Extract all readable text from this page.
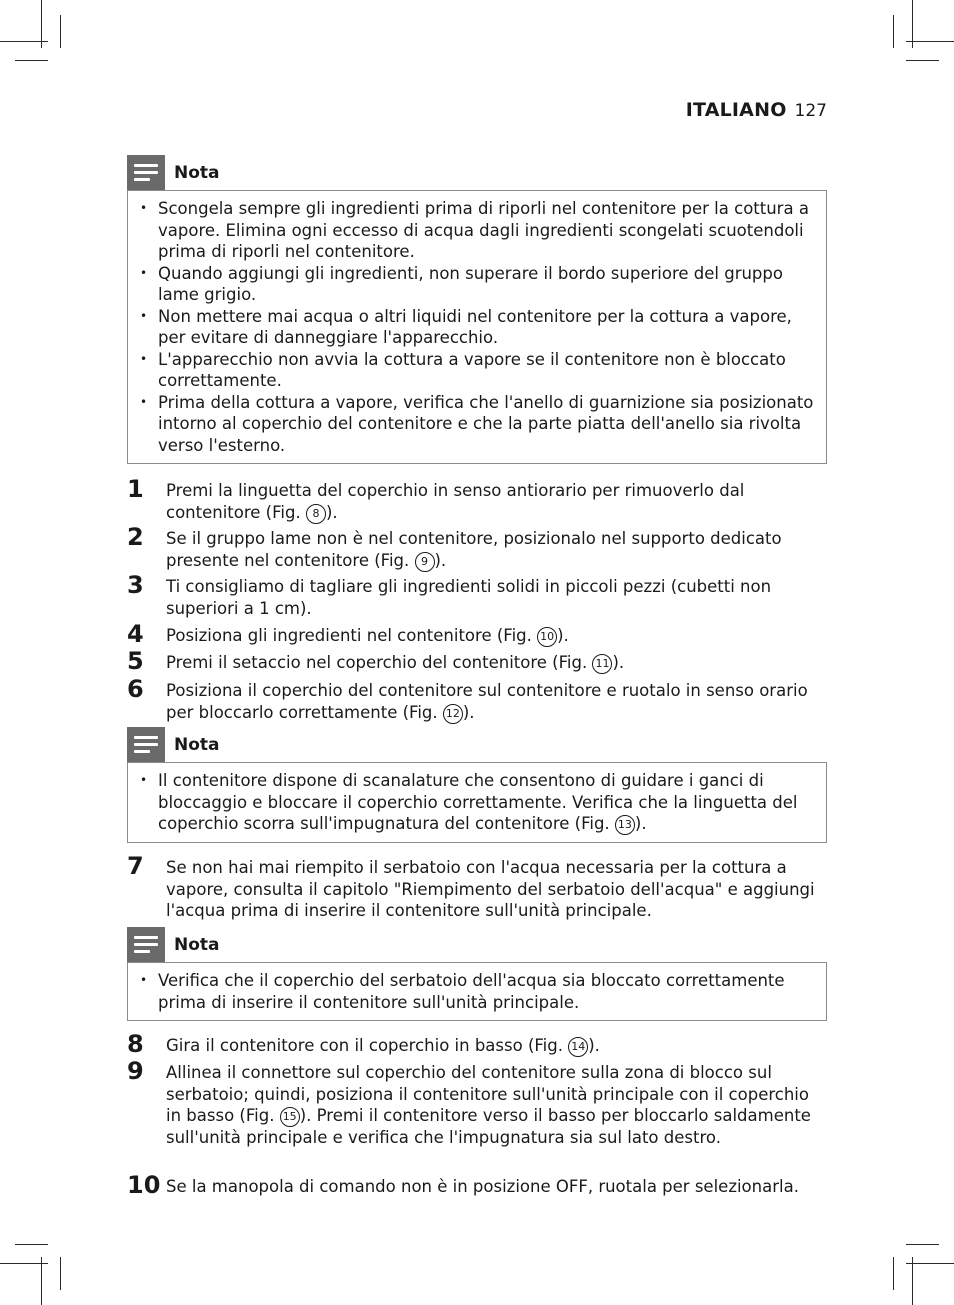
ITALIANO 127
Nota
• Scongela sempre gli ingredienti prima di riporli nel contenitore per la cottura a vapore. Elimina ogni eccesso di acqua dagli ingredienti scongelati scuotendoli prima di riporli nel contenitore.
• Quando aggiungi gli ingredienti, non superare il bordo superiore del gruppo lame grigio.
• Non mettere mai acqua o altri liquidi nel contenitore per la cottura a vapore, per evitare di danneggiare l'apparecchio.
• L'apparecchio non avvia la cottura a vapore se il contenitore non è bloccato correttamente.
• Prima della cottura a vapore, verifica che l'anello di guarnizione sia posizionato intorno al coperchio del contenitore e che la parte piatta dell'anello sia rivolta verso l'esterno.
1 Premi la linguetta del coperchio in senso antiorario per rimuoverlo dal contenitore (Fig. 8 ).
2 Se il gruppo lame non è nel contenitore, posizionalo nel supporto dedicato presente nel contenitore (Fig. 9 ).
3 Ti consigliamo di tagliare gli ingredienti solidi in piccoli pezzi (cubetti non superiori a 1 cm).
4 Posiziona gli ingredienti nel contenitore (Fig. 10 ).
5 Premi il setaccio nel coperchio del contenitore (Fig. 11 ).
6 Posiziona il coperchio del contenitore sul contenitore e ruotalo in senso orario per bloccarlo correttamente (Fig. 12 ).
Nota
• Il contenitore dispone di scanalature che consentono di guidare i ganci di bloccaggio e bloccare il coperchio correttamente. Verifica che la linguetta del coperchio scorra sull'impugnatura del contenitore (Fig. 13 ).
7 Se non hai mai riempito il serbatoio con l'acqua necessaria per la cottura a vapore, consulta il capitolo "Riempimento del serbatoio dell'acqua" e aggiungi l'acqua prima di inserire il contenitore sull'unità principale.
Nota
• Verifica che il coperchio del serbatoio dell'acqua sia bloccato correttamente prima di inserire il contenitore sull'unità principale.
8 Gira il contenitore con il coperchio in basso (Fig. 14 ).
9 Allinea il connettore sul coperchio del contenitore sulla zona di blocco sul serbatoio; quindi, posiziona il contenitore sull'unità principale con il coperchio in basso (Fig. 15 ). Premi il contenitore verso il basso per bloccarlo saldamente sull'unità principale e verifica che l'impugnatura sia sul lato destro.
10 Se la manopola di comando non è in posizione OFF, ruotala per selezionarla.
